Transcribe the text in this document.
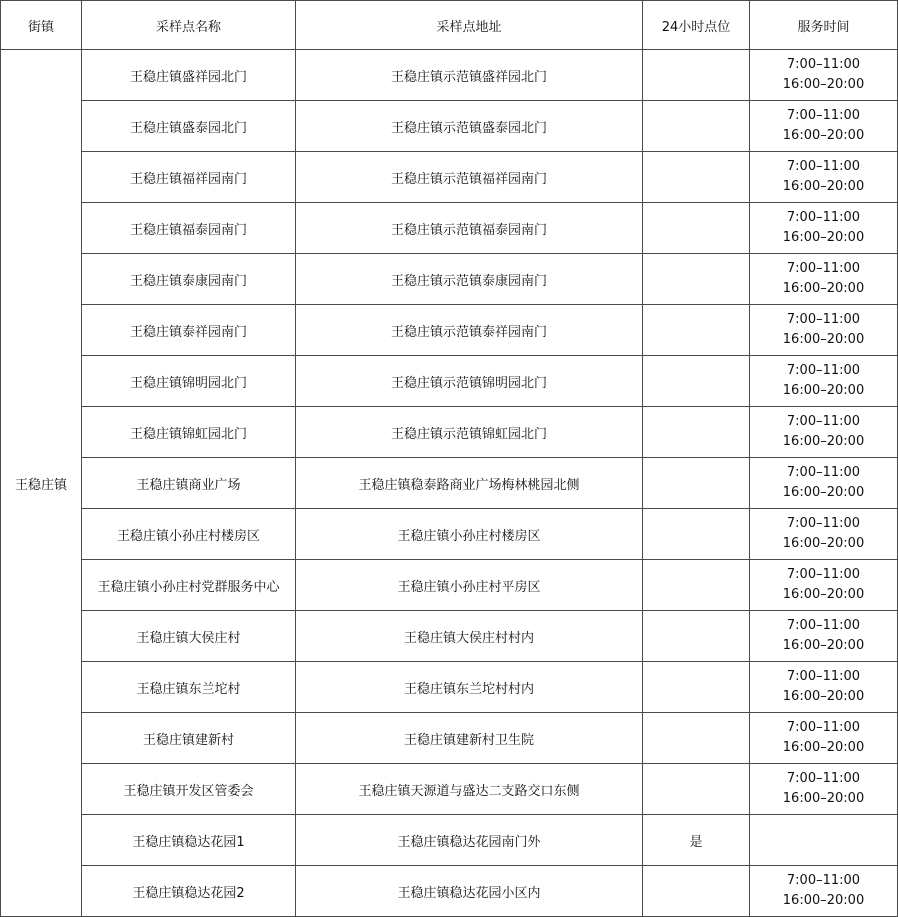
街镇	采样点名称	采样点地址	24小时点位	服务时间
王稳庄镇	王稳庄镇盛祥园北门	王稳庄镇示范镇盛祥园北门		7:00–11:00
16:00–20:00

	王稳庄镇盛泰园北门	王稳庄镇示范镇盛泰园北门		7:00–11:00
16:00–20:00

	王稳庄镇福祥园南门	王稳庄镇示范镇福祥园南门		7:00–11:00
16:00–20:00

	王稳庄镇福泰园南门	王稳庄镇示范镇福泰园南门		7:00–11:00
16:00–20:00

	王稳庄镇泰康园南门	王稳庄镇示范镇泰康园南门		7:00–11:00
16:00–20:00

	王稳庄镇泰祥园南门	王稳庄镇示范镇泰祥园南门		7:00–11:00
16:00–20:00

	王稳庄镇锦明园北门	王稳庄镇示范镇锦明园北门		7:00–11:00
16:00–20:00

	王稳庄镇锦虹园北门	王稳庄镇示范镇锦虹园北门		7:00–11:00
16:00–20:00

	王稳庄镇商业广场	王稳庄镇稳泰路商业广场梅林桃园北侧		7:00–11:00
16:00–20:00

	王稳庄镇小孙庄村楼房区	王稳庄镇小孙庄村楼房区		7:00–11:00
16:00–20:00

	王稳庄镇小孙庄村党群服务中心	王稳庄镇小孙庄村平房区		7:00–11:00
16:00–20:00

	王稳庄镇大侯庄村	王稳庄镇大侯庄村村内		7:00–11:00
16:00–20:00

	王稳庄镇东兰坨村	王稳庄镇东兰坨村村内		7:00–11:00
16:00–20:00

	王稳庄镇建新村	王稳庄镇建新村卫生院		7:00–11:00
16:00–20:00

	王稳庄镇开发区管委会	王稳庄镇天源道与盛达二支路交口东侧		7:00–11:00
16:00–20:00

	王稳庄镇稳达花园1	王稳庄镇稳达花园南门外	是	

	王稳庄镇稳达花园2	王稳庄镇稳达花园小区内		7:00–11:00
16:00–20:00
